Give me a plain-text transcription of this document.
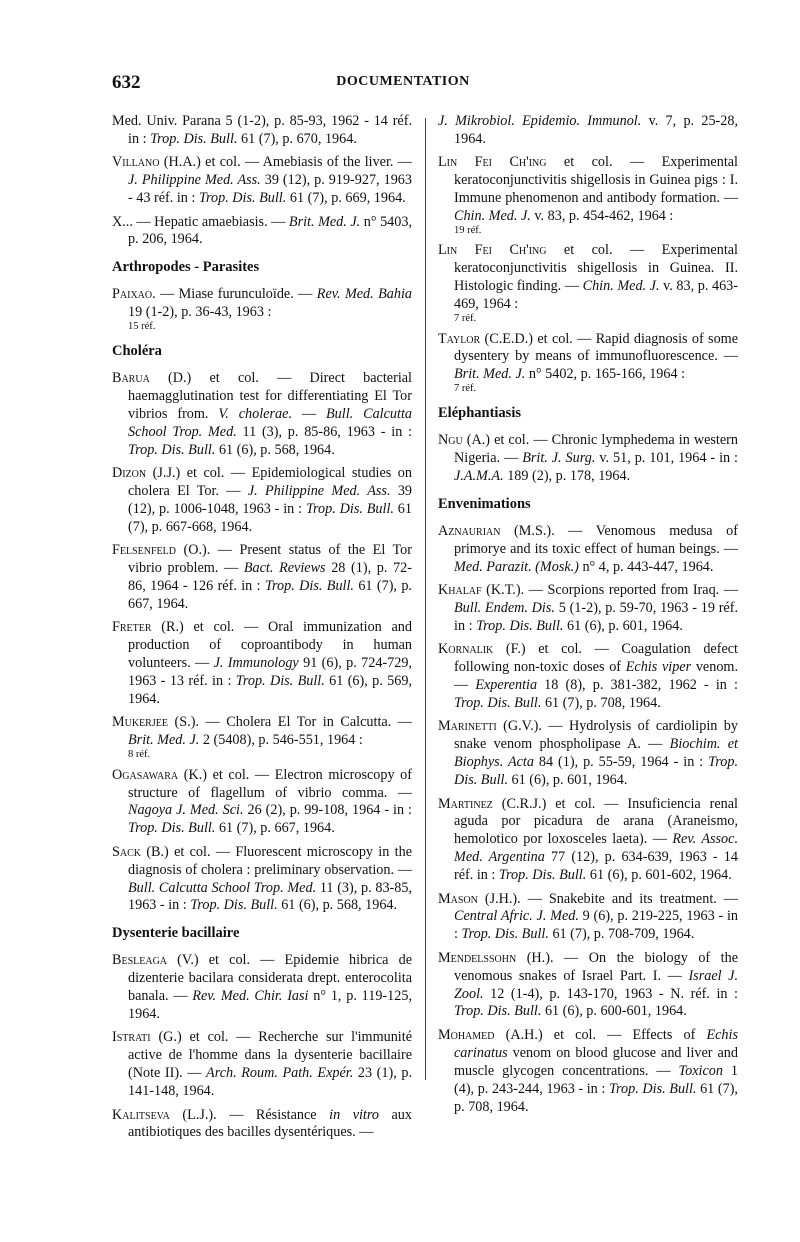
632	DOCUMENTATION
Med. Univ. Parana 5 (1-2), p. 85-93, 1962 - 14 réf. in : Trop. Dis. Bull. 61 (7), p. 670, 1964.
Villano (H.A.) et col. — Amebiasis of the liver. — J. Philippine Med. Ass. 39 (12), p. 919-927, 1963 - 43 réf. in : Trop. Dis. Bull. 61 (7), p. 669, 1964.
X... — Hepatic amaebiasis. — Brit. Med. J. n° 5403, p. 206, 1964.
Arthropodes - Parasites
Paixao. — Miase furunculoïde. — Rev. Med. Bahia 19 (1-2), p. 36-43, 1963 :
15 réf.
Choléra
Barua (D.) et col. — Direct bacterial haemagglutination test for differentiating El Tor vibrios from. V. cholerae. — Bull. Calcutta School Trop. Med. 11 (3), p. 85-86, 1963 - in : Trop. Dis. Bull. 61 (6), p. 568, 1964.
Dizon (J.J.) et col. — Epidemiological studies on cholera El Tor. — J. Philippine Med. Ass. 39 (12), p. 1006-1048, 1963 - in : Trop. Dis. Bull. 61 (7), p. 667-668, 1964.
Felsenfeld (O.). — Present status of the El Tor vibrio problem. — Bact. Reviews 28 (1), p. 72-86, 1964 - 126 réf. in : Trop. Dis. Bull. 61 (7), p. 667, 1964.
Freter (R.) et col. — Oral immunization and production of coproantibody in human volunteers. — J. Immunology 91 (6), p. 724-729, 1963 - 13 réf. in : Trop. Dis. Bull. 61 (6), p. 569, 1964.
Mukerjee (S.). — Cholera El Tor in Calcutta. — Brit. Med. J. 2 (5408), p. 546-551, 1964 :
8 réf.
Ogasawara (K.) et col. — Electron microscopy of structure of flagellum of vibrio comma. — Nagoya J. Med. Sci. 26 (2), p. 99-108, 1964 - in : Trop. Dis. Bull. 61 (7), p. 667, 1964.
Sack (B.) et col. — Fluorescent microscopy in the diagnosis of cholera : preliminary observation. — Bull. Calcutta School Trop. Med. 11 (3), p. 83-85, 1963 - in : Trop. Dis. Bull. 61 (6), p. 568, 1964.
Dysenterie bacillaire
Besleaga (V.) et col. — Epidemie hibrica de dizenterie bacilara considerata drept. enterocolita banala. — Rev. Med. Chir. Iasi n° 1, p. 119-125, 1964.
Istrati (G.) et col. — Recherche sur l'immunité active de l'homme dans la dysenterie bacillaire (Note II). — Arch. Roum. Path. Expér. 23 (1), p. 141-148, 1964.
Kalitseva (L.J.). — Résistance in vitro aux antibiotiques des bacilles dysentériques. —
J. Mikrobiol. Epidemio. Immunol. v. 7, p. 25-28, 1964.
Lin Fei Ch'ing et col. — Experimental keratoconjunctivitis shigellosis in Guinea pigs : I. Immune phenomenon and antibody formation. — Chin. Med. J. v. 83, p. 454-462, 1964 :
19 réf.
Lin Fei Ch'ing et col. — Experimental keratoconjunctivitis shigellosis in Guinea. II. Histologic finding. — Chin. Med. J. v. 83, p. 463-469, 1964 :
7 réf.
Taylor (C.E.D.) et col. — Rapid diagnosis of some dysentery by means of immunofluorescence. — Brit. Med. J. n° 5402, p. 165-166, 1964 :
7 réf.
Eléphantiasis
Ngu (A.) et col. — Chronic lymphedema in western Nigeria. — Brit. J. Surg. v. 51, p. 101, 1964 - in : J.A.M.A. 189 (2), p. 178, 1964.
Envenimations
Aznaurian (M.S.). — Venomous medusa of primorye and its toxic effect of human beings. — Med. Parazit. (Mosk.) n° 4, p. 443-447, 1964.
Khalaf (K.T.). — Scorpions reported from Iraq. — Bull. Endem. Dis. 5 (1-2), p. 59-70, 1963 - 19 réf. in : Trop. Dis. Bull. 61 (6), p. 601, 1964.
Kornalik (F.) et col. — Coagulation defect following non-toxic doses of Echis viper venom. — Experentia 18 (8), p. 381-382, 1962 - in : Trop. Dis. Bull. 61 (7), p. 708, 1964.
Marinetti (G.V.). — Hydrolysis of cardiolipin by snake venom phospholipase A. — Biochim. et Biophys. Acta 84 (1), p. 55-59, 1964 - in : Trop. Dis. Bull. 61 (6), p. 601, 1964.
Martinez (C.R.J.) et col. — Insuficiencia renal aguda por picadura de arana (Araneismo, hemolotico por loxosceles laeta). — Rev. Assoc. Med. Argentina 77 (12), p. 634-639, 1963 - 14 réf. in : Trop. Dis. Bull. 61 (6), p. 601-602, 1964.
Mason (J.H.). — Snakebite and its treatment. — Central Afric. J. Med. 9 (6), p. 219-225, 1963 - in : Trop. Dis. Bull. 61 (7), p. 708-709, 1964.
Mendelssohn (H.). — On the biology of the venomous snakes of Israel Part. I. — Israel J. Zool. 12 (1-4), p. 143-170, 1963 - N. réf. in : Trop. Dis. Bull. 61 (6), p. 600-601, 1964.
Mohamed (A.H.) et col. — Effects of Echis carinatus venom on blood glucose and liver and muscle glycogen concentrations. — Toxicon 1 (4), p. 243-244, 1963 - in : Trop. Dis. Bull. 61 (7), p. 708, 1964.
